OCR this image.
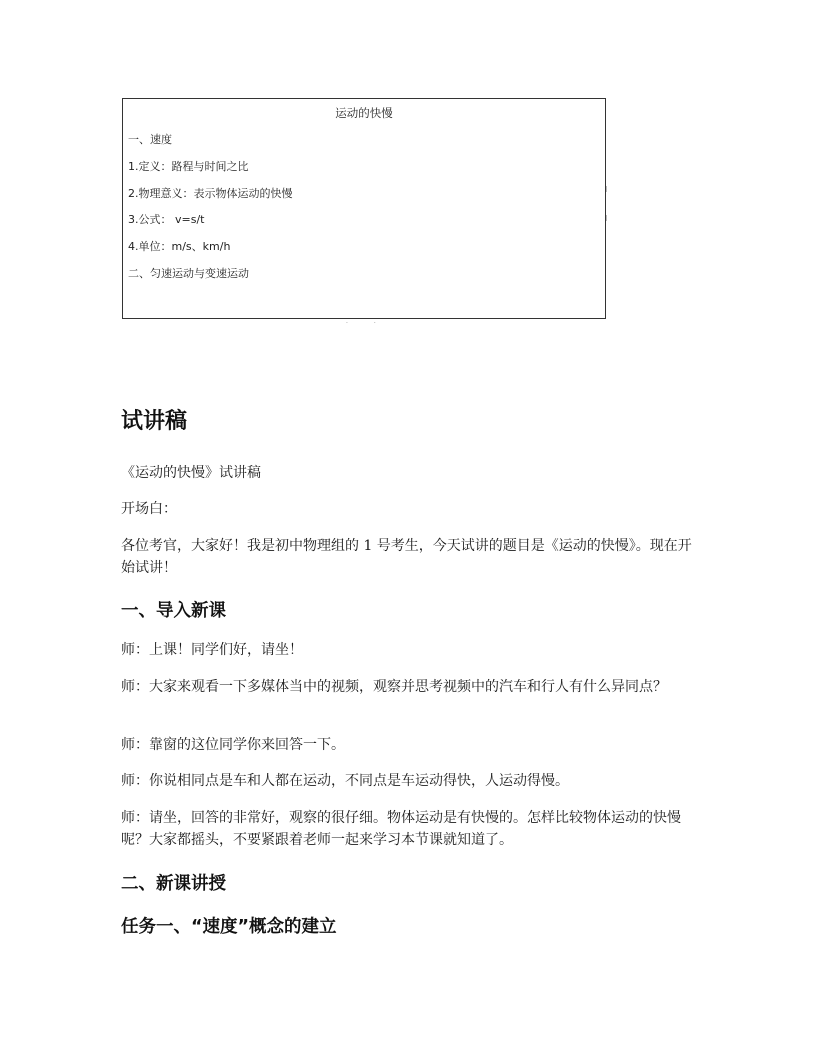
运动的快慢
一、速度
1.定义：路程与时间之比
2.物理意义：表示物体运动的快慢
3.公式： v=s/t
4.单位：m/s、km/h
二、匀速运动与变速运动
·	·
试讲稿

《运动的快慢》试讲稿

开场白：

各位考官，大家好！我是初中物理组的 1 号考生，今天试讲的题目是《运动的快慢》。现在开始试讲！

一、导入新课

师：上课！同学们好，请坐！

师：大家来观看一下多媒体当中的视频，观察并思考视频中的汽车和行人有什么异同点？

师：靠窗的这位同学你来回答一下。

师：你说相同点是车和人都在运动，不同点是车运动得快，人运动得慢。

师：请坐，回答的非常好，观察的很仔细。物体运动是有快慢的。怎样比较物体运动的快慢呢？大家都摇头，不要紧跟着老师一起来学习本节课就知道了。

二、新课讲授
任务一、“速度”概念的建立
